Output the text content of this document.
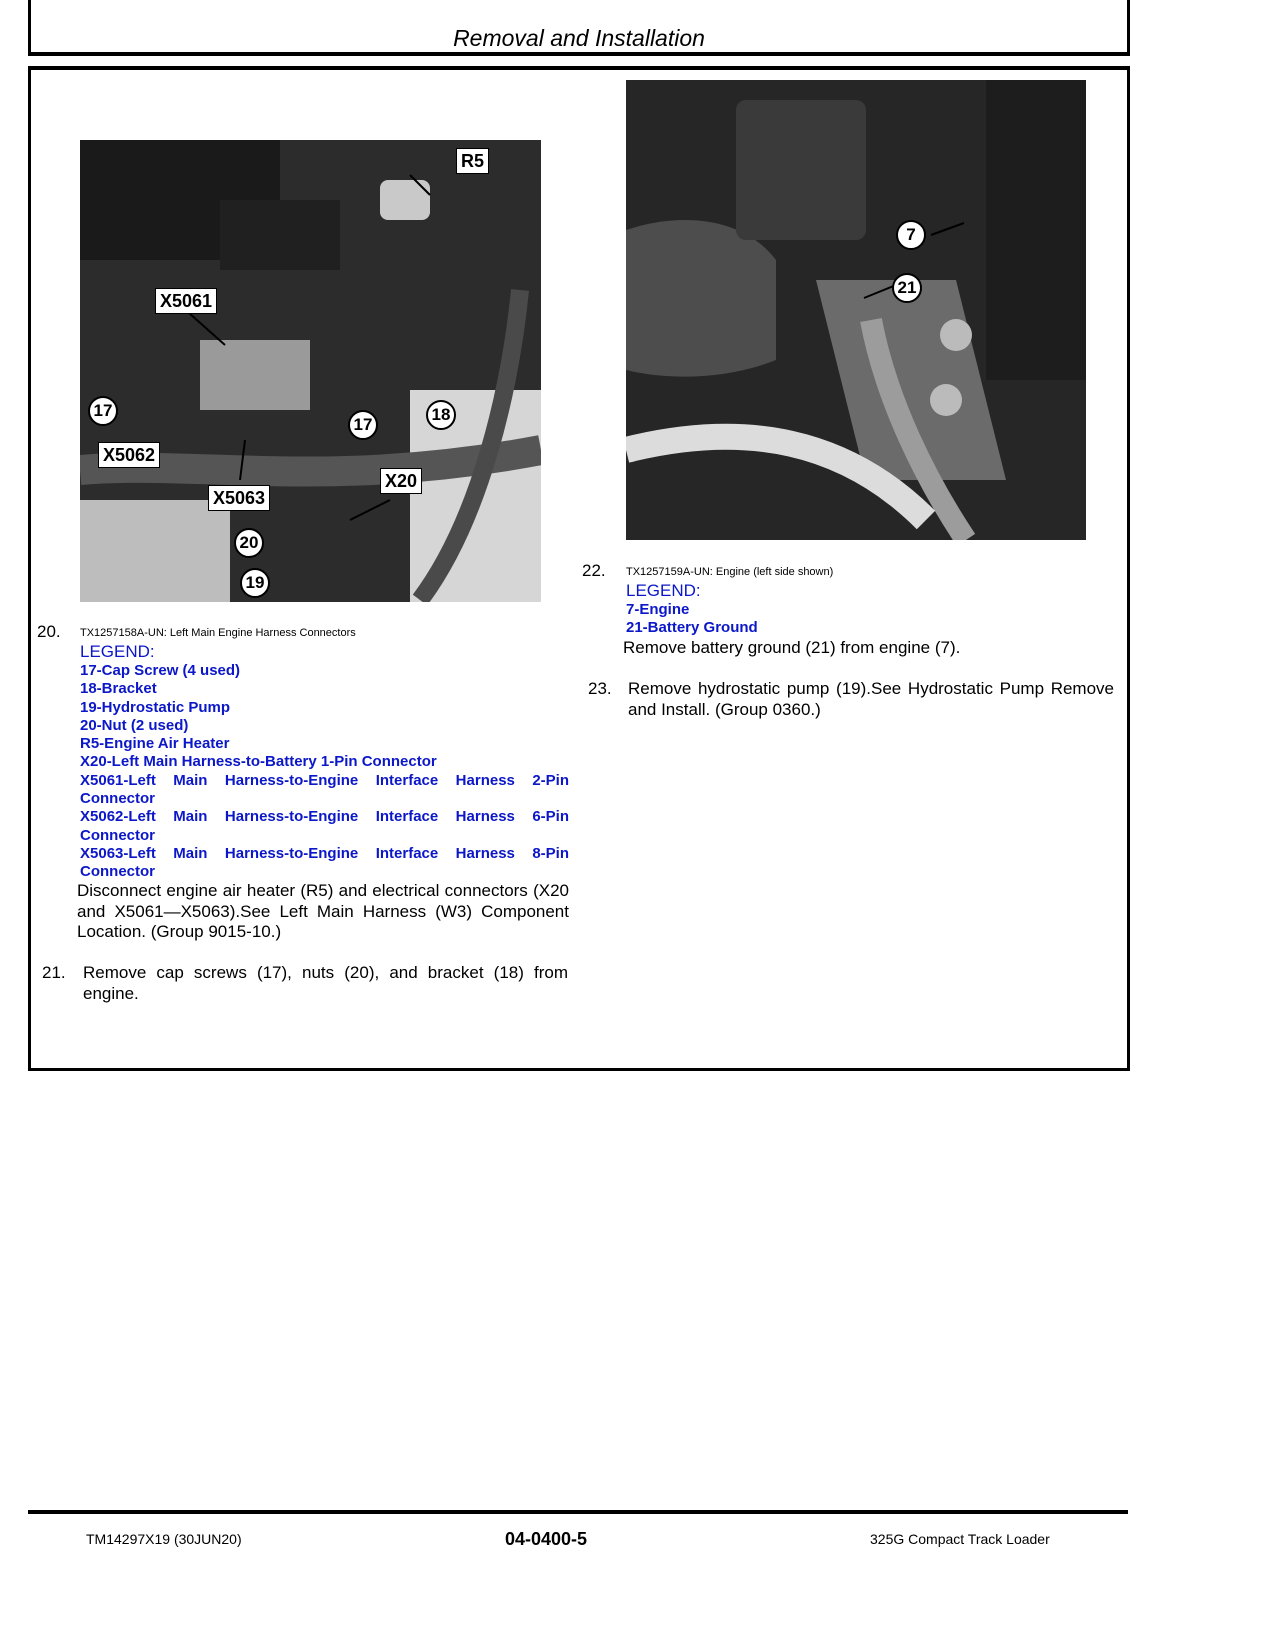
Removal and Installation
R5
X5061
X5062
X5063
X20
17
17
18
20
19
7
21
20. TX1257158A-UN: Left Main Engine Harness Connectors
LEGEND:
17-Cap Screw (4 used)
18-Bracket
19-Hydrostatic Pump
20-Nut (2 used)
R5-Engine Air Heater
X20-Left Main Harness-to-Battery 1-Pin Connector
X5061-Left Main Harness-to-Engine Interface Harness 2-Pin Connector
X5062-Left Main Harness-to-Engine Interface Harness 6-Pin Connector
X5063-Left Main Harness-to-Engine Interface Harness 8-Pin Connector
Disconnect engine air heater (R5) and electrical connectors (X20 and X5061—X5063).See Left Main Harness (W3) Component Location. (Group 9015-10.)
21. Remove cap screws (17), nuts (20), and bracket (18) from engine.
22. TX1257159A-UN: Engine (left side shown)
LEGEND:
7-Engine
21-Battery Ground
Remove battery ground (21) from engine (7).
23. Remove hydrostatic pump (19).See Hydrostatic Pump Remove and Install. (Group 0360.)
TM14297X19 (30JUN20)	04-0400-5	325G Compact Track Loader
